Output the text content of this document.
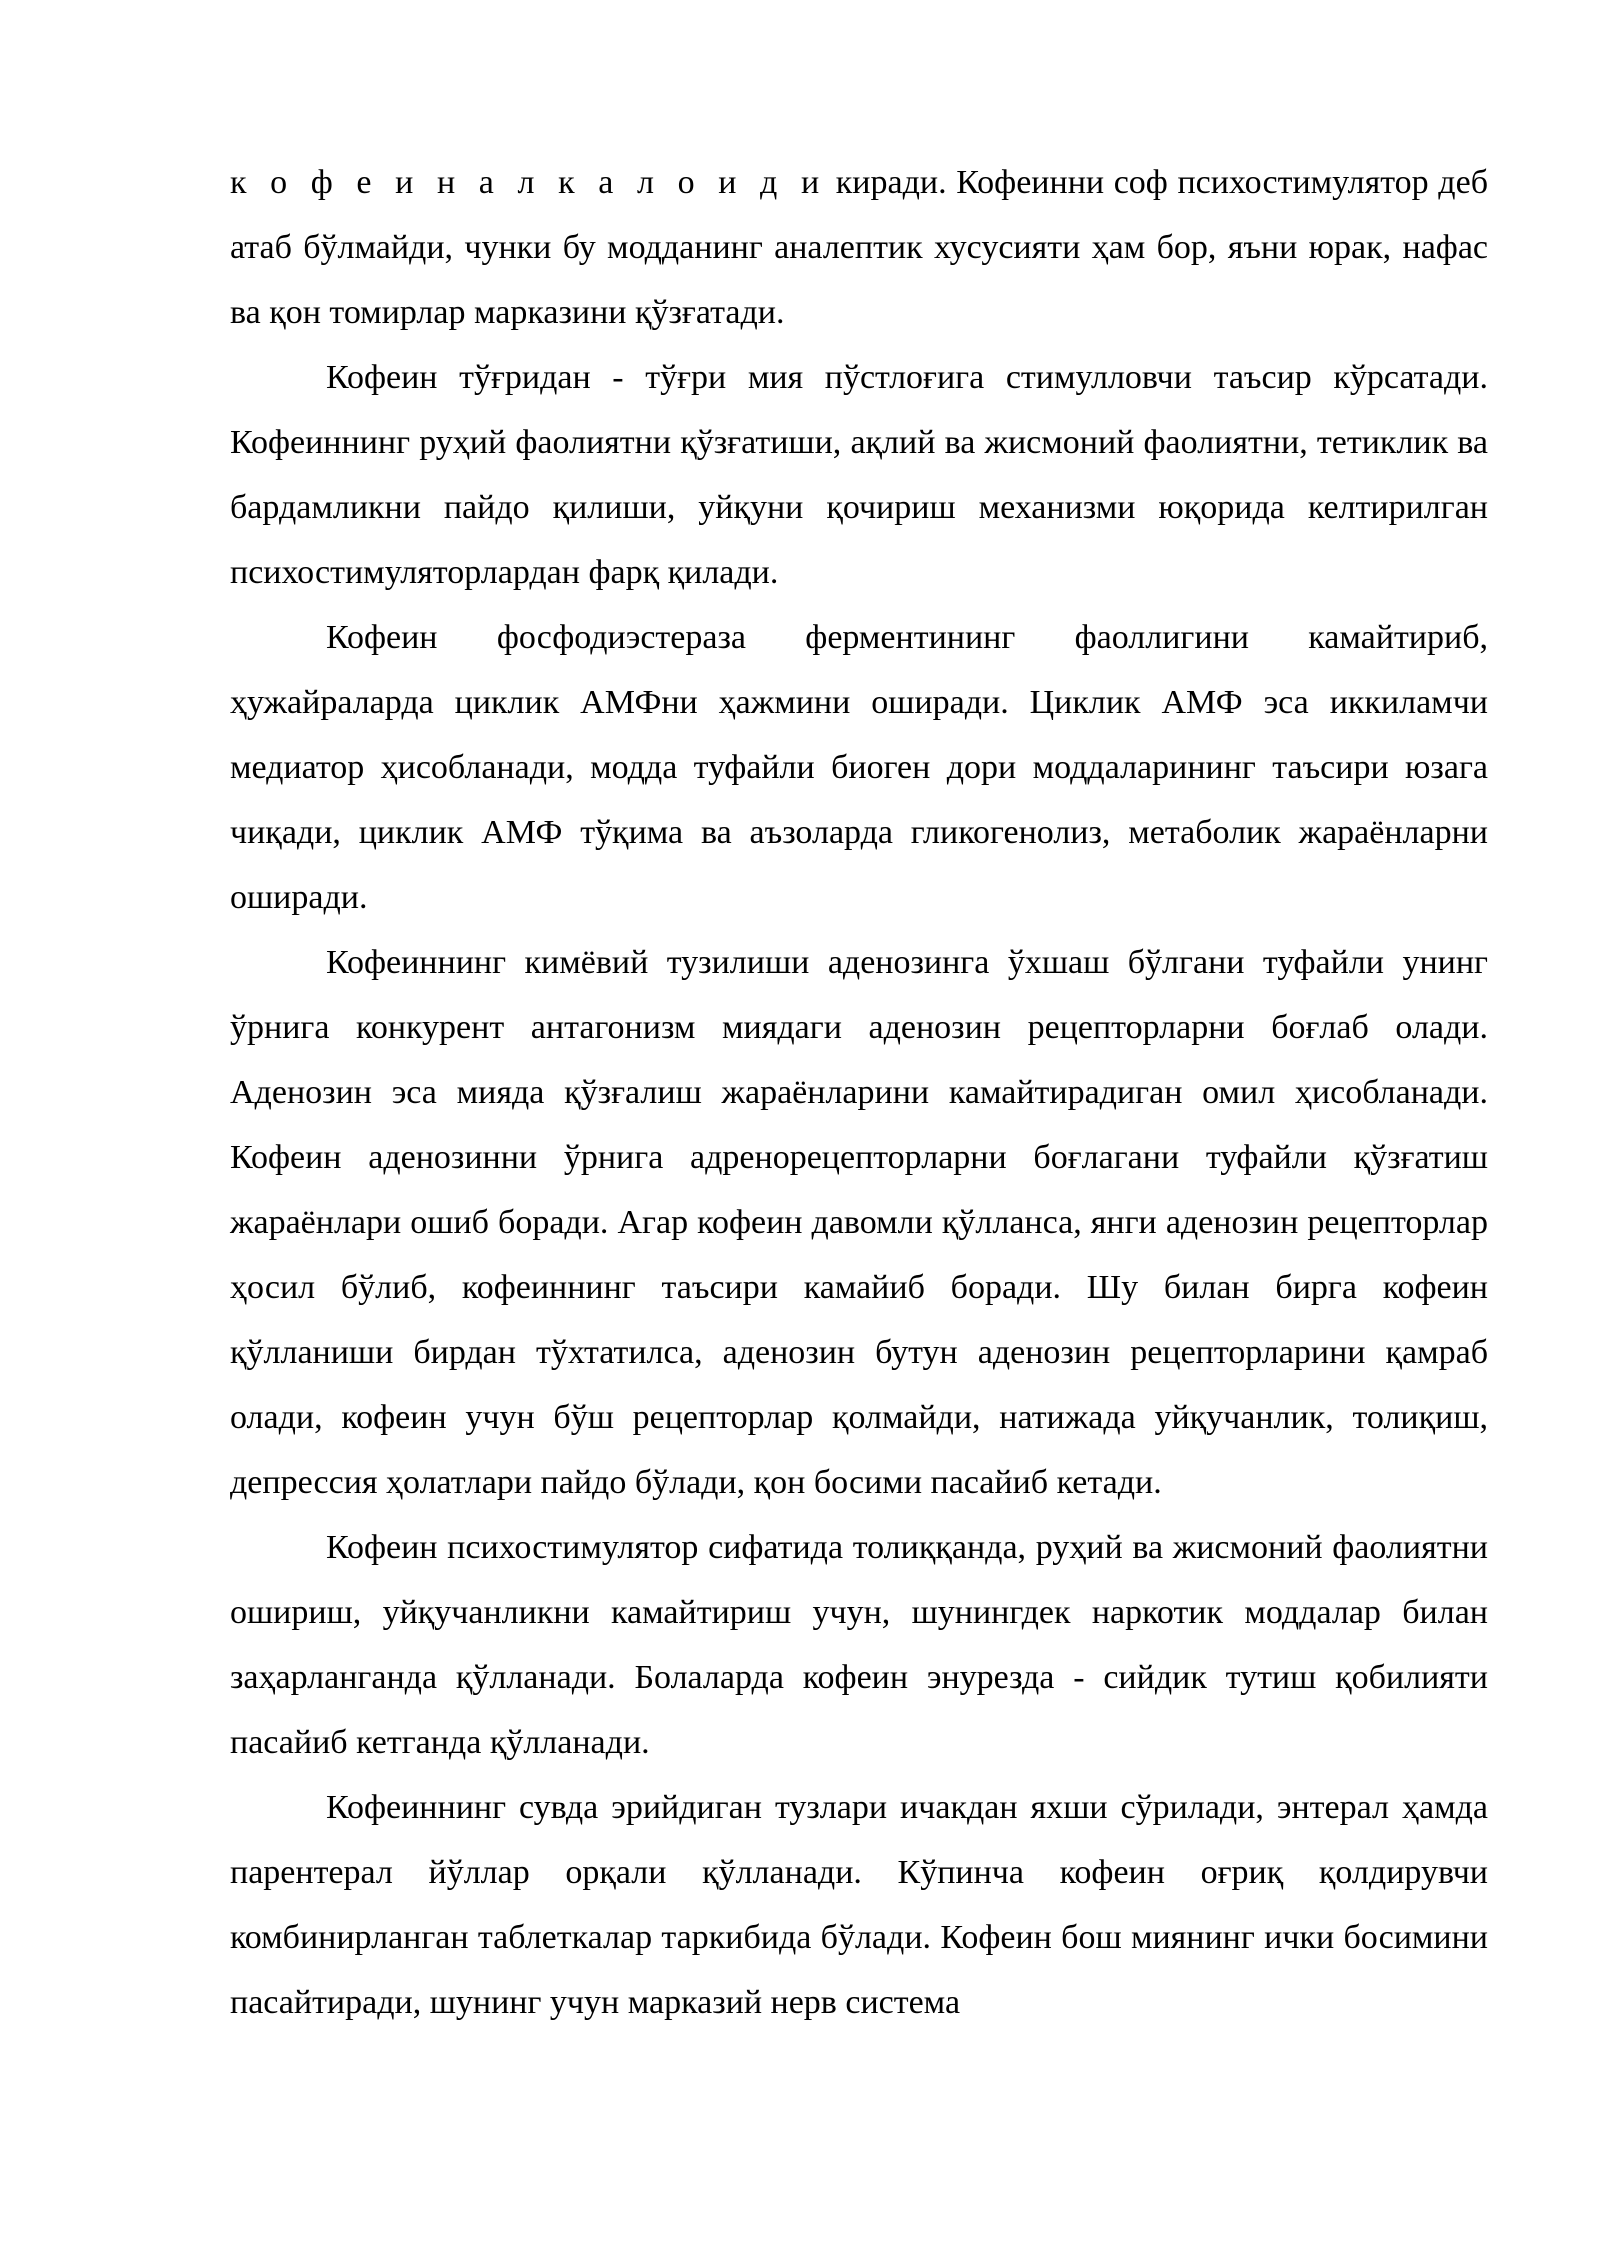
к о ф е и н а л к а л о и д и киради. Кофеинни соф психостимулятор деб атаб бўлмайди, чунки бу модданинг аналептик хусусияти ҳам бор, яъни юрак, нафас ва қон томирлар марказини қўзғатади.

Кофеин тўғридан - тўғри мия пўстлоғига стимулловчи таъсир кўрсатади. Кофеиннинг руҳий фаолиятни қўзғатиши, ақлий ва жисмоний фаолиятни, тетиклик ва бардамликни пайдо қилиши, уйқуни қочириш механизми юқорида келтирилган психостимуляторлардан фарқ қилади.

Кофеин фосфодиэстераза ферментининг фаоллигини камайтириб, ҳужайраларда циклик АМФни ҳажмини оширади. Циклик АМФ эса иккиламчи медиатор ҳисобланади, модда туфайли биоген дори моддаларининг таъсири юзага чиқади, циклик АМФ тўқима ва аъзоларда гликогенолиз, метаболик жараёнларни оширади.

Кофеиннинг кимёвий тузилиши аденозинга ўхшаш бўлгани туфайли унинг ўрнига конкурент антагонизм миядаги аденозин рецепторларни боғлаб олади. Аденозин эса мияда қўзғалиш жараёнларини камайтирадиган омил ҳисобланади. Кофеин аденозинни ўрнига адренорецепторларни боғлагани туфайли қўзғатиш жараёнлари ошиб боради. Агар кофеин давомли қўлланса, янги аденозин рецепторлар ҳосил бўлиб, кофеиннинг таъсири камайиб боради. Шу билан бирга кофеин қўлланиши бирдан тўхтатилса, аденозин бутун аденозин рецепторларини қамраб олади, кофеин учун бўш рецепторлар қолмайди, натижада уйқучанлик, толиқиш, депрессия ҳолатлари пайдо бўлади, қон босими пасайиб кетади.

Кофеин психостимулятор сифатида толиққанда, руҳий ва жисмоний фаолиятни ошириш, уйқучанликни камайтириш учун, шунингдек наркотик моддалар билан заҳарланганда қўлланади. Болаларда кофеин энурезда - сийдик тутиш қобилияти пасайиб кетганда қўлланади.

Кофеиннинг сувда эрийдиган тузлари ичакдан яхши сўрилади, энтерал ҳамда парентерал йўллар орқали қўлланади. Кўпинча кофеин оғриқ қолдирувчи комбинирланган таблеткалар таркибида бўлади. Кофеин бош миянинг ички босимини пасайтиради, шунинг учун марказий нерв система
